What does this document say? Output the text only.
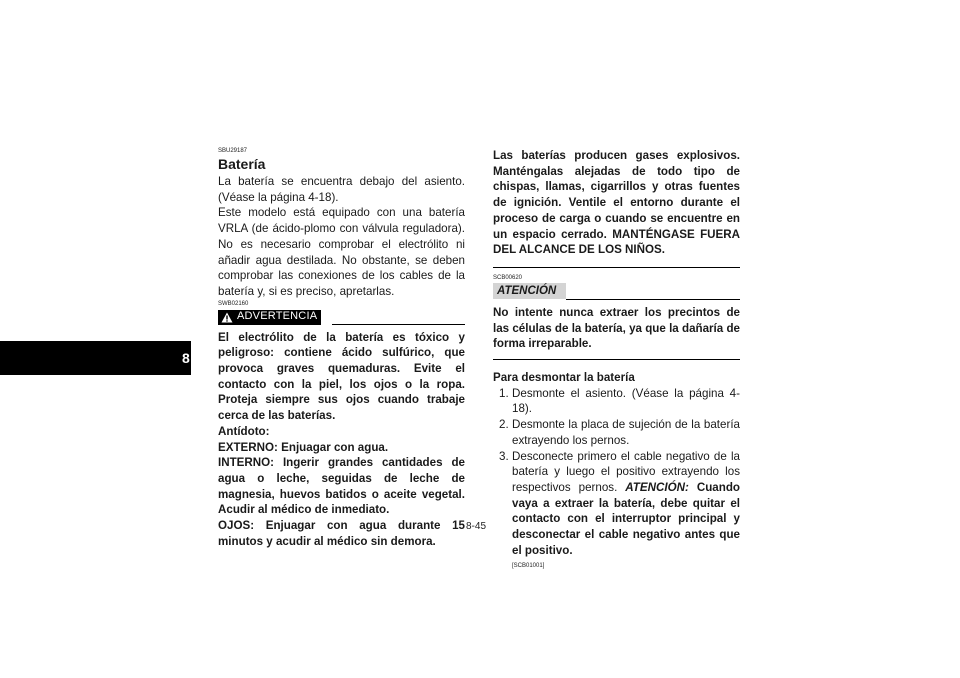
8
SBU29187
Batería

La batería se encuentra debajo del asiento. (Véase la página 4-18).

Este modelo está equipado con una batería VRLA (de ácido-plomo con válvula reguladora). No es necesario comprobar el electrólito ni añadir agua destilada. No obstante, se deben comprobar las conexiones de los cables de la batería y, si es preciso, apretarlas.

SWB02160
ADVERTENCIA

El electrólito de la batería es tóxico y peligroso: contiene ácido sulfúrico, que provoca graves quemaduras. Evite el contacto con la piel, los ojos o la ropa. Proteja siempre sus ojos cuando trabaje cerca de las baterías.

Antídoto:
EXTERNO: Enjuagar con agua.

INTERNO: Ingerir grandes cantidades de agua o leche, seguidas de leche de magnesia, huevos batidos o aceite vegetal. Acudir al médico de inmediato.

OJOS: Enjuagar con agua durante 15 minutos y acudir al médico sin demora.

Las baterías producen gases explosivos. Manténgalas alejadas de todo tipo de chispas, llamas, cigarrillos y otras fuentes de ignición. Ventile el entorno durante el proceso de carga o cuando se encuentre en un espacio cerrado. MANTÉNGASE FUERA DEL ALCANCE DE LOS NIÑOS.

SCB00620
ATENCIÓN

No intente nunca extraer los precintos de las células de la batería, ya que la dañaría de forma irreparable.

Para desmontar la batería
1. Desmonte el asiento. (Véase la página 4-18).
2. Desmonte la placa de sujeción de la batería extrayendo los pernos.
3. Desconecte primero el cable negativo de la batería y luego el positivo extrayendo los respectivos pernos. ATENCIÓN: Cuando vaya a extraer la batería, debe quitar el contacto con el interruptor principal y desconectar el cable negativo antes que el positivo.
[SCB01001]
8-45
